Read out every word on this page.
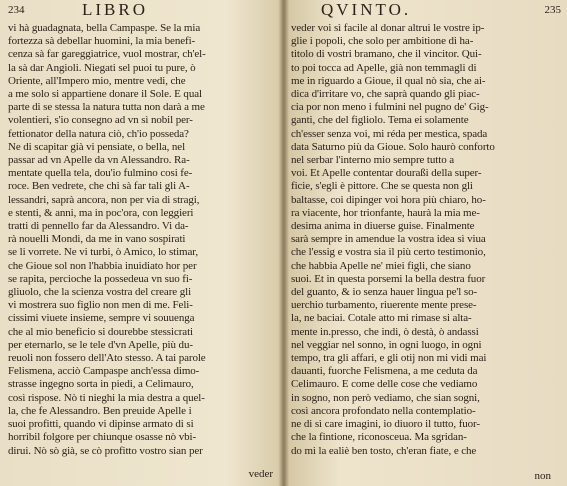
234	LIBRO
vi hà guadagnata, bella Campaspe. Se la mia
fortezza sà debellar huomini, la mia benefi-
cenza sà far gareggiatrice, vuol mostrar, ch'el-
la sà dar Angioli. Niegati sel puoi tu pure, ò
Oriente, all'Impero mio, mentre vedi, che
a me solo si appartiene donare il Sole. E qual
parte di se stessa la natura tutta non darà a me
volentieri, s'io consegno ad vn sì nobil per-
fettionator della natura ciò, ch'io posseda?
Ne di scapitar già vi pensiate, o bella, nel
passar ad vn Apelle da vn Alessandro. Ra-
mentate quella tela, dou'io fulmino cosi fe-
roce. Ben vedrete, che chi sà far tali gli A-
lessandri, saprà ancora, non per via di stragi,
e stenti, & anni, ma in poc'ora, con leggieri
tratti di pennello far da Alessandro. Vi da-
rà nouelli Mondi, da me in vano sospirati
se li vorrete. Ne vi turbi, ò Amico, lo stimar,
che Gioue sol non l'habbia inuidiato hor per
se rapita, percioche la possedeua vn suo fi-
gliuolo, che la scienza vostra del creare gli
vi mostrera suo figlio non men di me. Feli-
cissimi viuete insieme, sempre vi souuenga
che al mio beneficio si dourebbe stessicrati
per eternarlo, se le tele d'vn Apelle, più du-
reuoli non fossero dell'Ato stesso. A tai parole
Felismena, acciò Campaspe anch'essa dimo-
strasse ingegno sorta in piedi, a Celimauro,
così rispose. Nò ti nieghi la mia destra a quel-
la, che fe Alessandro. Ben preuide Apelle i
suoi profitti, quando vi dipinse armato di si
horribil folgore per chiunque osasse nò vbi-
dirui. Nò sò già, se cò profitto vostro sian per
veder
QVINTO.	235
veder voi sì facile al donar altrui le vostre ip-
glie i popoli, che solo per ambitione di ha-
titolo di vostri bramano, che il vincitor. Qui-
to poi tocca ad Apelle, già non temmagli di
me in riguardo a Gioue, il qual nò sia, che ai-
dica d'irritare vo, che saprà quando gli piac-
cia por non meno i fulmini nel pugno de' Gig-
ganti, che del figliolo. Tema ei solamente
ch'esser senza voi, mi réda per mestica, spada
data Saturno più da Gioue. Solo haurò conforto
nel serbar l'interno mio sempre tutto a
voi. Et Apelle contentar douraßi della super-
ficie, s'egli è pittore. Che se questa non gli
baltasse, coi dipinger voi hora più chiaro, ho-
ra viacente, hor trionfante, haurà la mia me-
desima anima in diuerse guise. Finalmente
sarà sempre in amendue la vostra idea sì viua
che l'essig e vostra sia il più certo testimonio,
che habbia Apelle ne' miei figli, che siano
suoi. Et in questa porsemi la bella destra fuor
del guanto, & io senza hauer lingua pe'l so-
uerchio turbamento, riuerente mente prese-
la, ne baciai. Cotale atto mi rimase si alta-
mente in.presso, che indi, ò destà, ò andassi
nel veggiar nel sonno, in ogni luogo, in ogni
tempo, tra gli affari, e gli otij non mi vidi mai
dauanti, fuorche Felismena, a me ceduta da
Celimauro. E come delle cose che vediamo
in sogno, non però vediamo, che sian sogni,
così ancora profondato nella contemplatio-
ne di sì care imagini, io diuoro il tutto, fuor-
che la fintione, riconosceua. Ma sgridan-
do mi la ealiè ben tosto, ch'eran fiate, e che
non
